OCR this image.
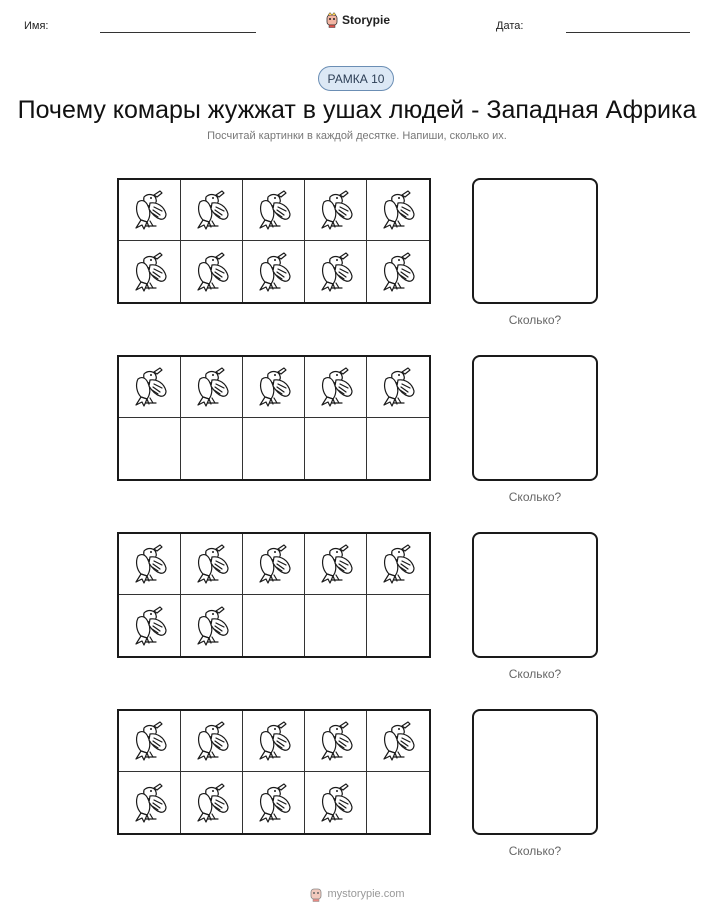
Имя:	Storypie	Дата:
РАМКА 10
Почему комары жужжат в ушах людей - Западная Африка
Посчитай картинки в каждой десятке. Напиши, сколько их.
Сколько?
Сколько?
Сколько?
Сколько?
mystorypie.com
